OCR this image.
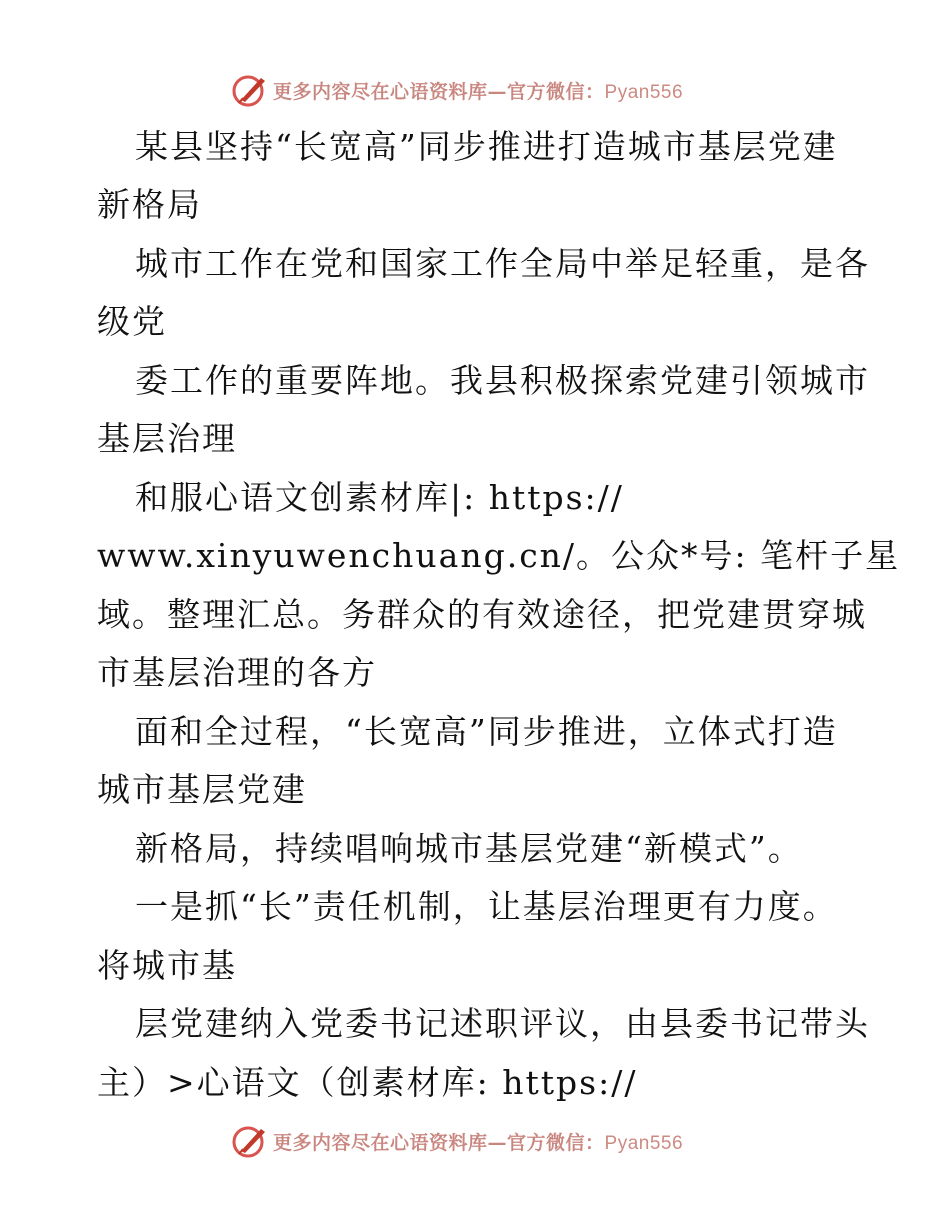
更多内容尽在心语资料库—官方微信：Pyan556
某县坚持“长宽高”同步推进打造城市基层党建
新格局
城市工作在党和国家工作全局中举足轻重，是各
级党
委工作的重要阵地。我县积极探索党建引领城市
基层治理
和服心语文创素材库|: https://
www.xinyuwenchuang.cn/。公众*号: 笔杆子星
域。整理汇总。务群众的有效途径，把党建贯穿城
市基层治理的各方
面和全过程，“长宽高”同步推进，立体式打造
城市基层党建
新格局，持续唱响城市基层党建“新模式”。
一是抓“长”责任机制，让基层治理更有力度。
将城市基
层党建纳入党委书记述职评议，由县委书记带头
主）>心语文（创素材库: https://
更多内容尽在心语资料库—官方微信：Pyan556
